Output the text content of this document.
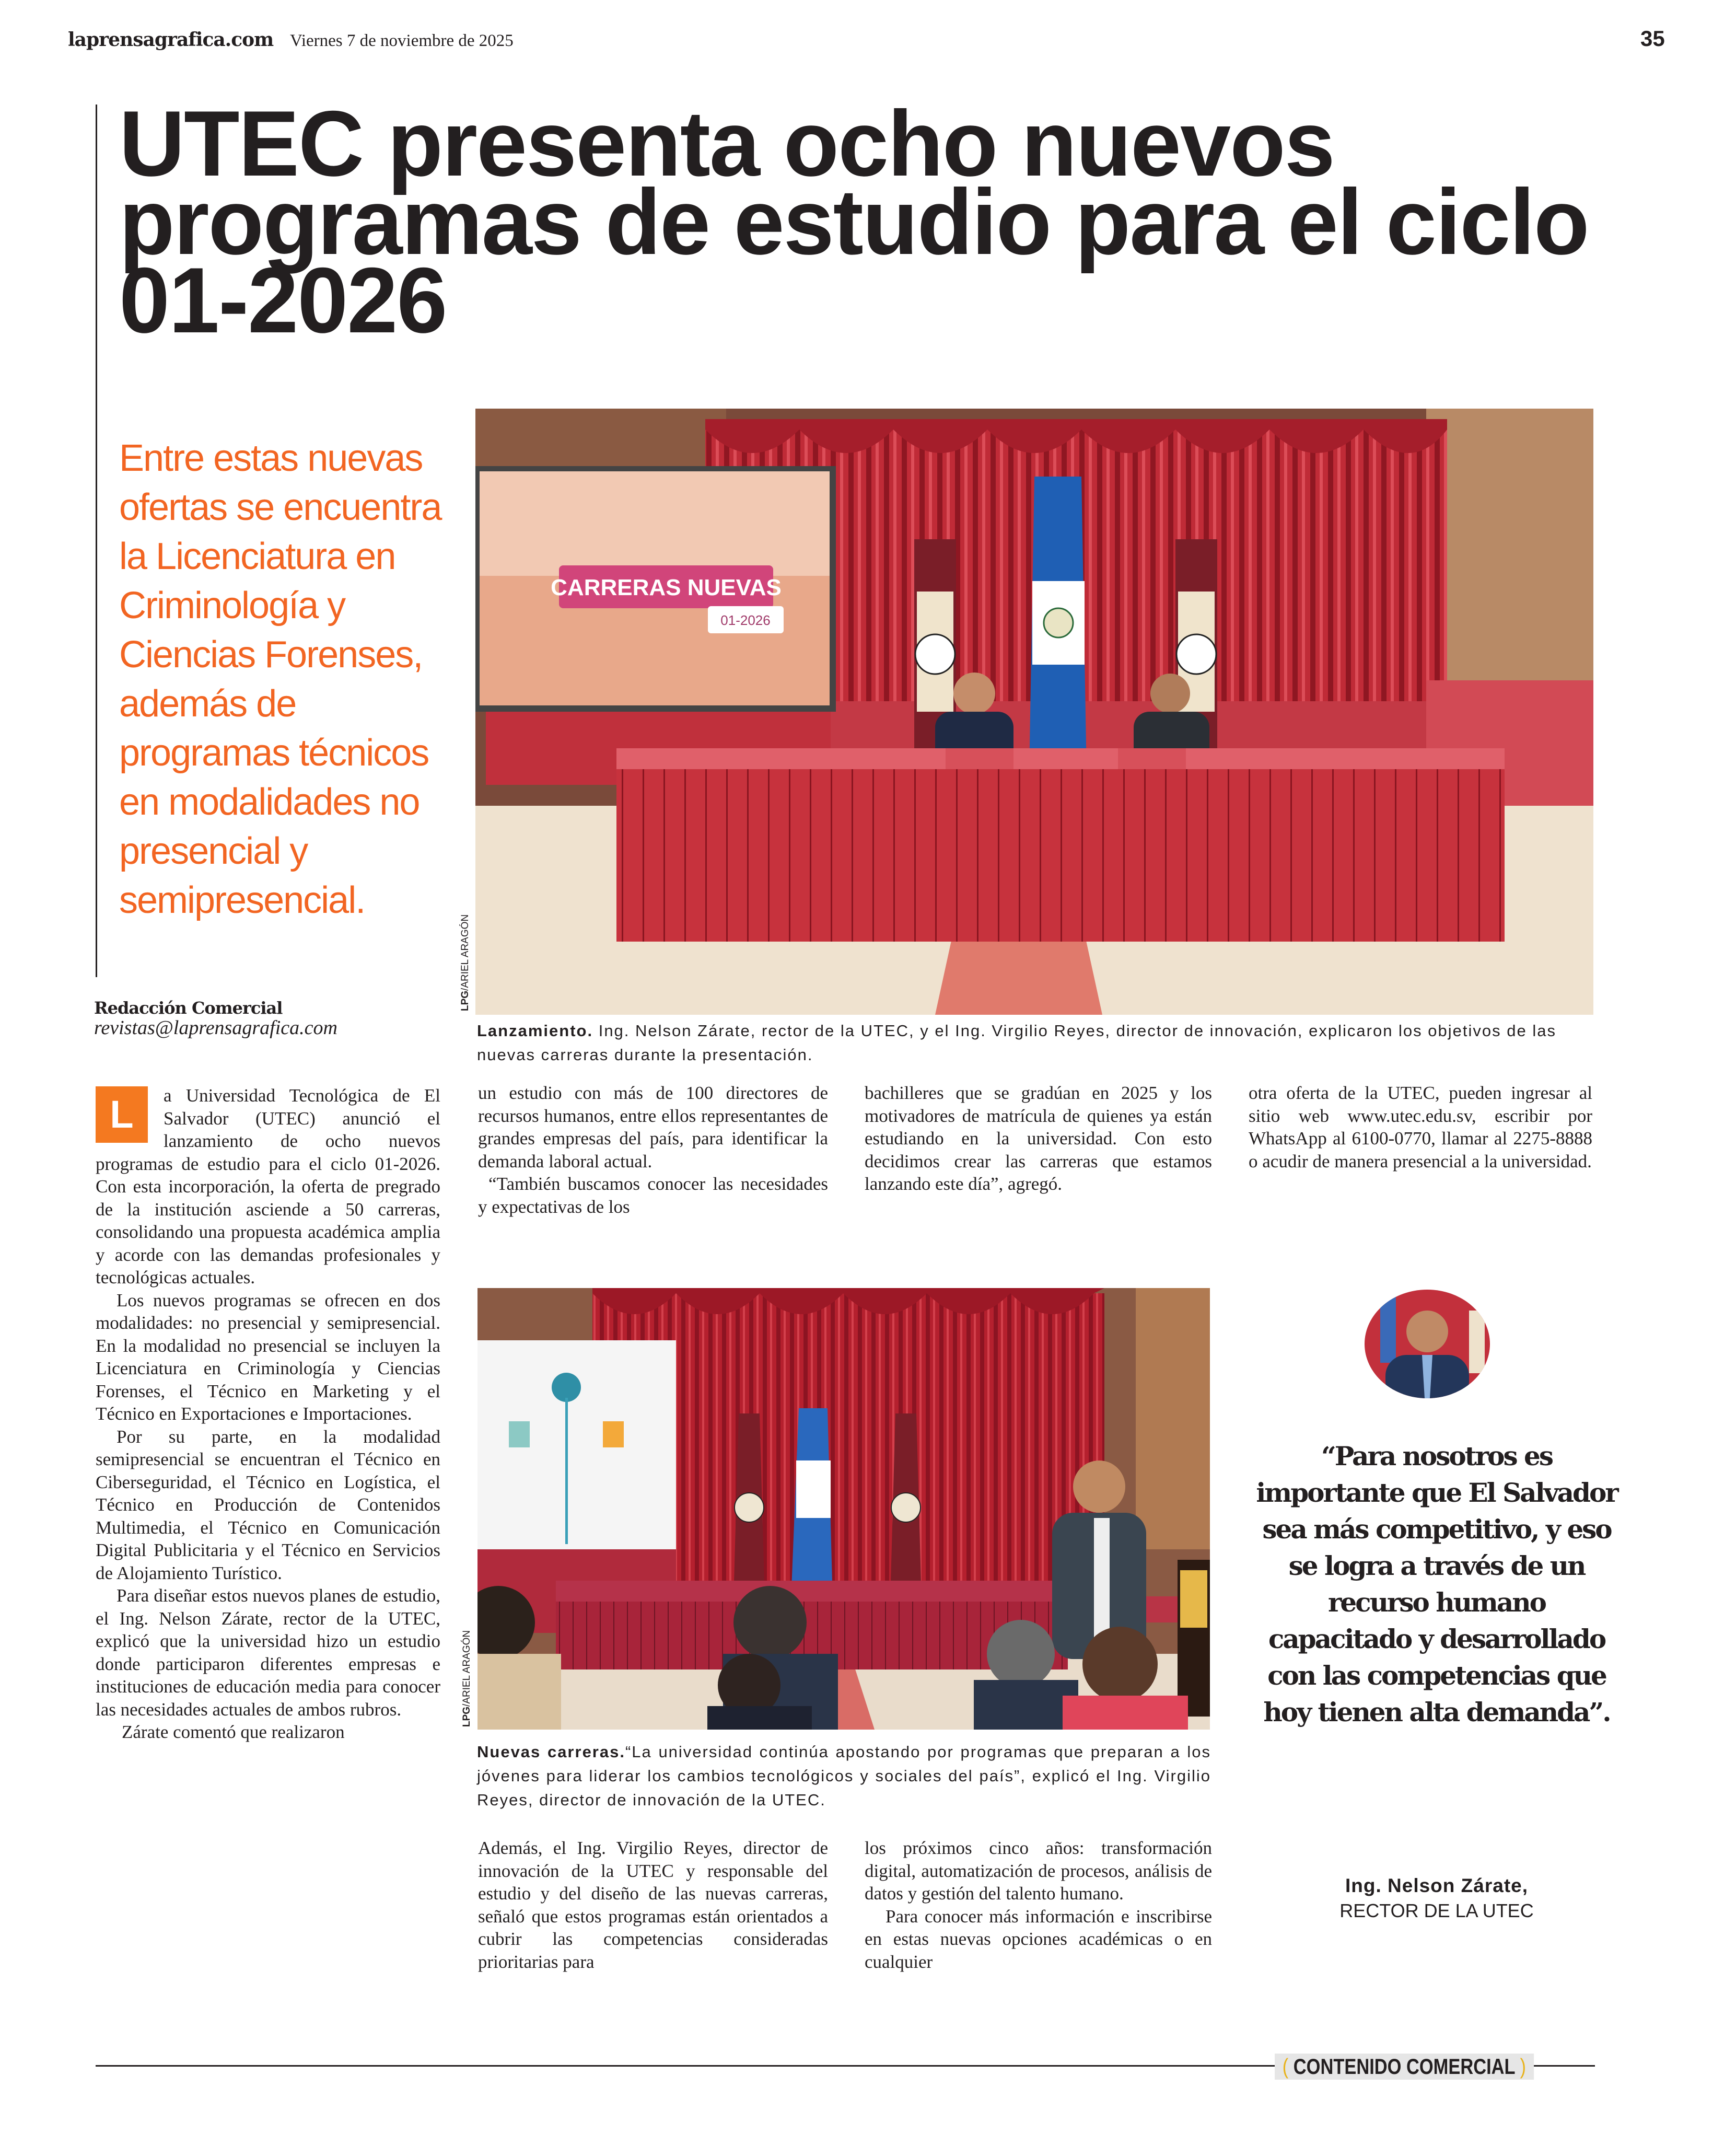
laprensagrafica.com Viernes 7 de noviembre de 2025	35
UTEC presenta ocho nuevos programas de estudio para el ciclo 01-2026
Entre estas nuevas ofertas se encuentra la Licenciatura en Criminología y Ciencias Forenses, además de programas técnicos en modalidades no presencial y semipresencial.
Redacción Comercial
revistas@laprensagrafica.com
CARRERAS NUEVAS
01-2026
LPG/ARIEL ARAGÓN
Lanzamiento. Ing. Nelson Zárate, rector de la UTEC, y el Ing. Virgilio Reyes, director de innovación, explicaron los objetivos de las nuevas carreras durante la presentación.

L	a Universidad Tecnológica de El Salvador (UTEC) anunció el lanzamiento de ocho nuevos programas de estudio para el ciclo 01-2026. Con esta incorporación, la oferta de pregrado de la institución asciende a 50 carreras, consolidando una propuesta académica amplia y acorde con las demandas profesionales y tecnológicas actuales.

Los nuevos programas se ofrecen en dos modalidades: no presencial y semipresencial. En la modalidad no presencial se incluyen la Licenciatura en Criminología y Ciencias Forenses, el Técnico en Marketing y el Técnico en Exportaciones e Importaciones.

Por su parte, en la modalidad semipresencial se encuentran el Técnico en Ciberseguridad, el Técnico en Logística, el Técnico en Producción de Contenidos Multimedia, el Técnico en Comunicación Digital Publicitaria y el Técnico en Servicios de Alojamiento Turístico.

Para diseñar estos nuevos planes de estudio, el Ing. Nelson Zárate, rector de la UTEC, explicó que la universidad hizo un estudio donde participaron diferentes empresas e instituciones de educación media para conocer las necesidades actuales de ambos rubros.

Zárate comentó que realizaron

un estudio con más de 100 directores de recursos humanos, entre ellos representantes de grandes empresas del país, para identificar la demanda laboral actual.

“También buscamos conocer las necesidades y expectativas de los

bachilleres que se gradúan en 2025 y los motivadores de matrícula de quienes ya están estudiando en la universidad. Con esto decidimos crear las carreras que estamos lanzando este día”, agregó.

otra oferta de la UTEC, pueden ingresar al sitio web www.utec.edu.sv, escribir por WhatsApp al 6100-0770, llamar al 2275-8888 o acudir de manera presencial a la universidad.

LPG/ARIEL ARAGÓN
Nuevas carreras.“La universidad continúa apostando por programas que preparan a los jóvenes para liderar los cambios tecnológicos y sociales del país”, explicó el Ing. Virgilio Reyes, director de innovación de la UTEC.

Además, el Ing. Virgilio Reyes, director de innovación de la UTEC y responsable del estudio y del diseño de las nuevas carreras, señaló que estos programas están orientados a cubrir las competencias consideradas prioritarias para

los próximos cinco años: transformación digital, automatización de procesos, análisis de datos y gestión del talento humano.

Para conocer más información e inscribirse en estas nuevas opciones académicas o en cualquier

“Para nosotros es importante que El Salvador sea más competitivo, y eso se logra a través de un recurso humano capacitado y desarrollado con las competencias que hoy tienen alta demanda”.
Ing. Nelson Zárate,
RECTOR DE LA UTEC
( CONTENIDO COMERCIAL )
